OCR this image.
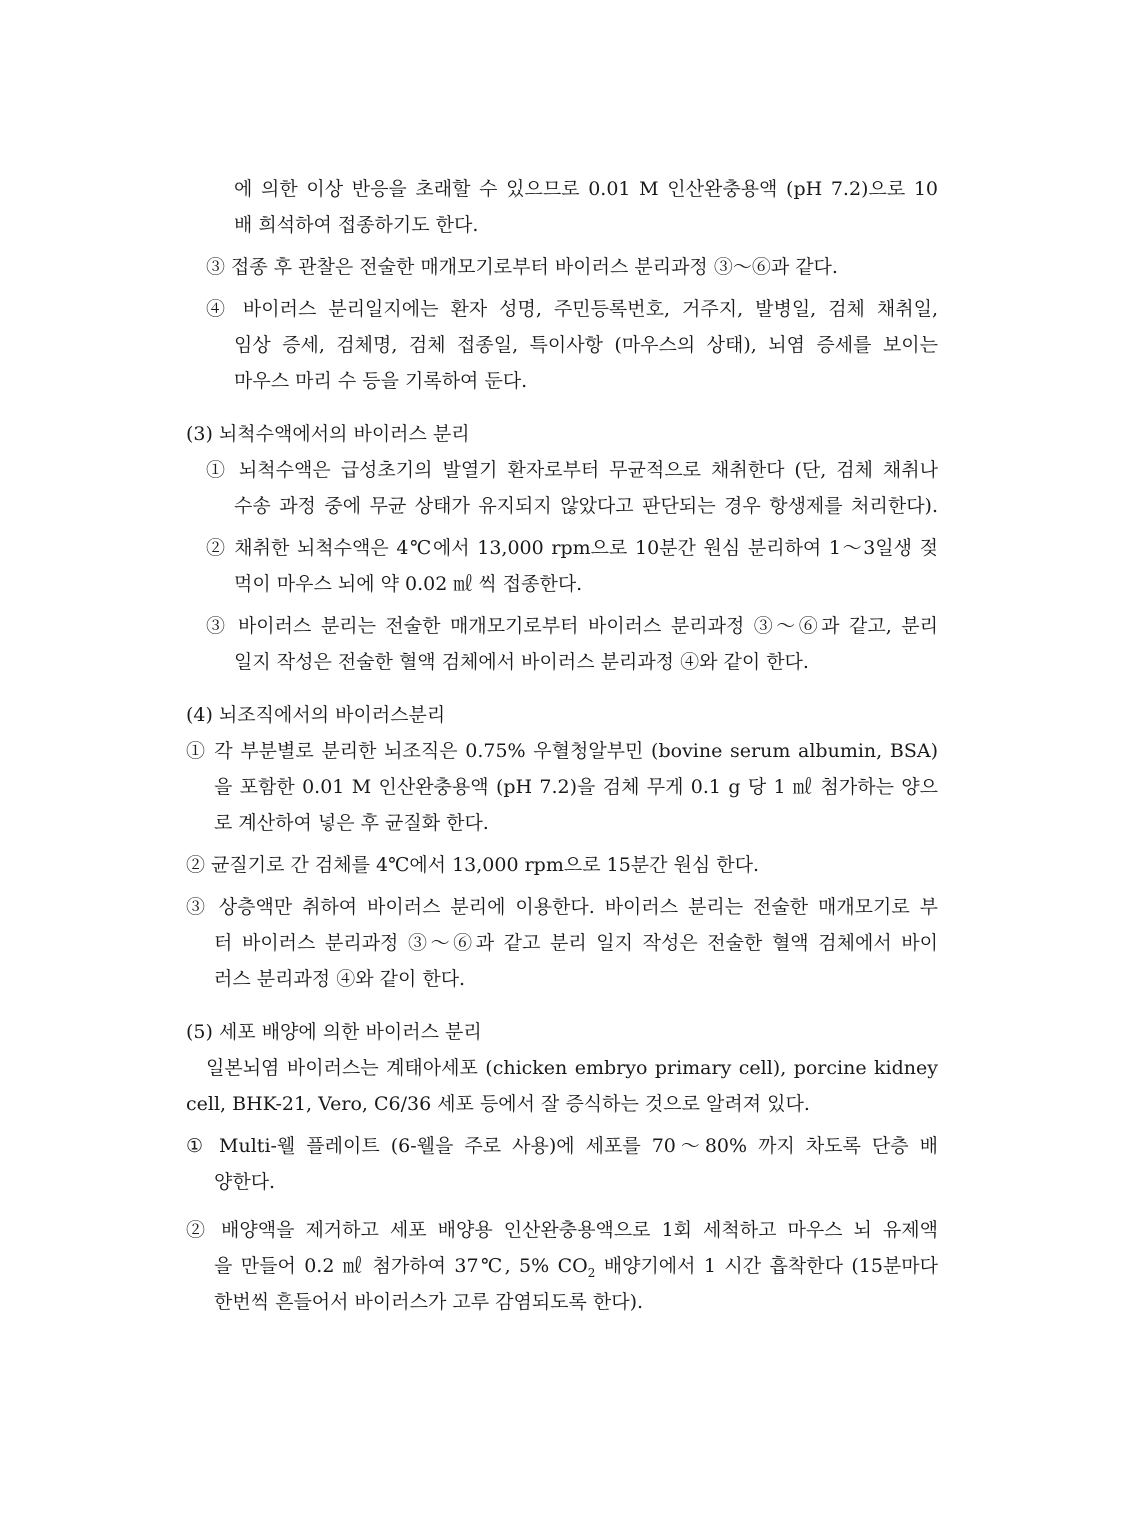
에 의한 이상 반응을 초래할 수 있으므로 0.01 M 인산완충용액 (pH 7.2)으로 10
배 희석하여 접종하기도 한다.
③ 접종 후 관찰은 전술한 매개모기로부터 바이러스 분리과정 ③～⑥과 같다.
④ 바이러스 분리일지에는 환자 성명, 주민등록번호, 거주지, 발병일, 검체 채취일,
임상 증세, 검체명, 검체 접종일, 특이사항 (마우스의 상태), 뇌염 증세를 보이는
마우스 마리 수 등을 기록하여 둔다.
(3) 뇌척수액에서의 바이러스 분리
① 뇌척수액은 급성초기의 발열기 환자로부터 무균적으로 채취한다 (단, 검체 채취나
수송 과정 중에 무균 상태가 유지되지 않았다고 판단되는 경우 항생제를 처리한다).
② 채취한 뇌척수액은 4℃에서 13,000 rpm으로 10분간 원심 분리하여 1～3일생 젖
먹이 마우스 뇌에 약 0.02 ㎖ 씩 접종한다.
③ 바이러스 분리는 전술한 매개모기로부터 바이러스 분리과정 ③～⑥과 같고, 분리
일지 작성은 전술한 혈액 검체에서 바이러스 분리과정 ④와 같이 한다.
(4) 뇌조직에서의 바이러스분리
① 각 부분별로 분리한 뇌조직은 0.75% 우혈청알부민 (bovine serum albumin, BSA)
을 포함한 0.01 M 인산완충용액 (pH 7.2)을 검체 무게 0.1 g 당 1 ㎖ 첨가하는 양으
로 계산하여 넣은 후 균질화 한다.
② 균질기로 간 검체를 4℃에서 13,000 rpm으로 15분간 원심 한다.
③ 상층액만 취하여 바이러스 분리에 이용한다. 바이러스 분리는 전술한 매개모기로 부
터 바이러스 분리과정 ③～⑥과 같고 분리 일지 작성은 전술한 혈액 검체에서 바이
러스 분리과정 ④와 같이 한다.
(5) 세포 배양에 의한 바이러스 분리
일본뇌염 바이러스는 계태아세포 (chicken embryo primary cell), porcine kidney
cell, BHK-21, Vero, C6/36 세포 등에서 잘 증식하는 것으로 알려져 있다.
① Multi-웰 플레이트 (6-웰을 주로 사용)에 세포를 70～80% 까지 차도록 단층 배
양한다.
② 배양액을 제거하고 세포 배양용 인산완충용액으로 1회 세척하고 마우스 뇌 유제액
을 만들어 0.2 ㎖ 첨가하여 37℃, 5% $CO_2$ 배양기에서 1 시간 흡착한다 (15분마다
한번씩 흔들어서 바이러스가 고루 감염되도록 한다).
